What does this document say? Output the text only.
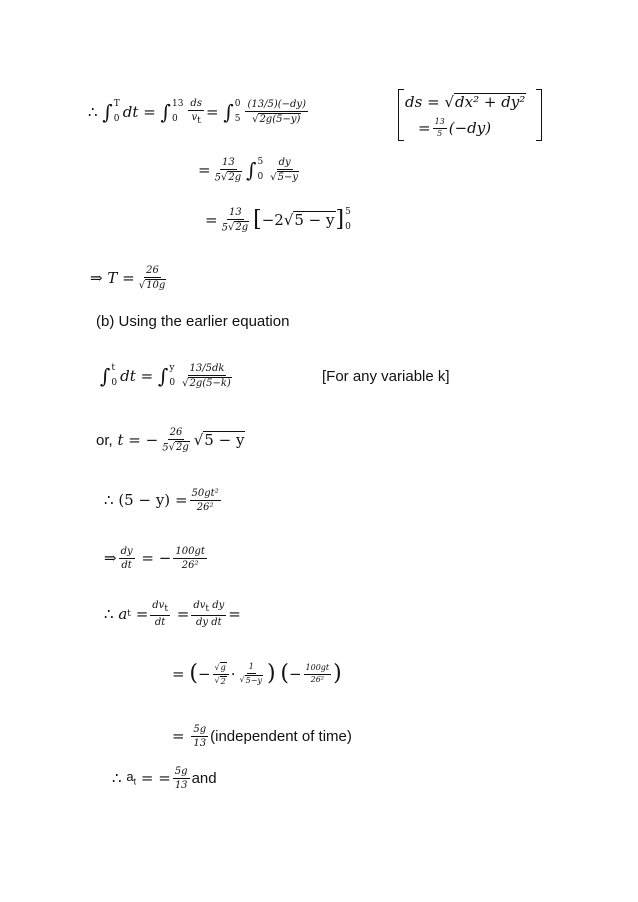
∴
∫ T
0 dt
=
∫ 13
0	$\frac{ds}{v_t}$ =
∫ 0
$5 \frac{(13/5)(-dy)}{√ 2g(5-y)}$	ds
=
√ dx² + dy²
= $\frac{13}{5} (-dy)$
= $\frac{13}{5 √ 2g}$ ∫ 5
$0 \frac{dy}{√ 5-y}$
= $\frac{13}{5 √ 2g}$ [ −2 √ 5 − y ] 5
0
⇒
T
= $\frac{26}{√ 10g}$
(b) Using the earlier equation
∫ t
0 dt
=
∫ y
$0 \frac{13/5dk}{√ 2g(5-k)}$	[For any variable k]
or,
t
=
− $\frac{26}{5 √ 2g}$ √ 5 − y
∴
(5 − y)
= $\frac{\text{50gt²}}{\text{26²}}$
⇒ $\frac{dy}{dt}$
=
− $\frac{100gt}{\text{26²}}$
∴
a t
= $\frac{dv_t}{dt}$
= $\frac{dv_t dy}{\text{dy dt}}$ =
=
( − $\frac{√ g}{√ 2} \cdot \frac{1}{√ 5-y}$ )
( − $\frac{100gt}{\text{26²}}$ )
=
$\frac{5g}{13}$ (independent of time)
∴
$a_t$
=
= $\frac{5g}{13}$ and
